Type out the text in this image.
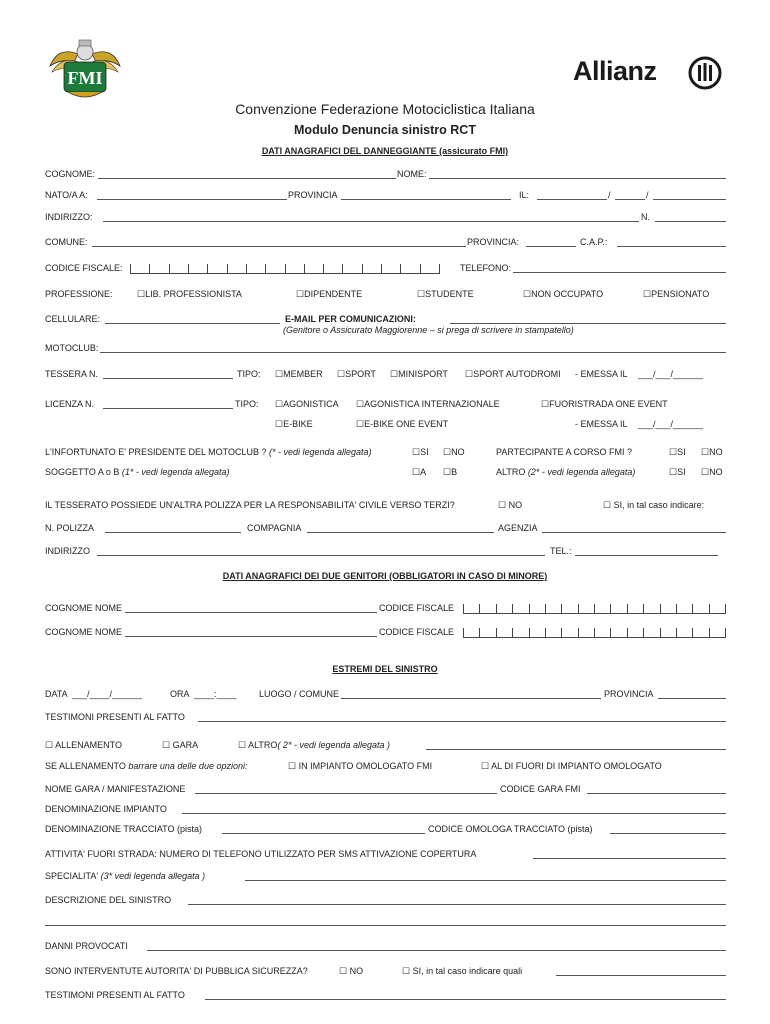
FMI	Allianz
Convenzione Federazione Motociclistica Italiana
Modulo Denuncia sinistro RCT
DATI ANAGRAFICI DEL DANNEGGIANTE (assicurato FMI)
COGNOME:	NOME:
NATO/A A:	PROVINCIA	IL:	/	/
INDIRIZZO:	N.
COMUNE:	PROVINCIA:	C.A.P.:
CODICE FISCALE:	TELEFONO:
PROFESSIONE:	☐LIB. PROFESSIONISTA	☐DIPENDENTE	☐STUDENTE	☐NON OCCUPATO	☐PENSIONATO
CELLULARE:	E-MAIL PER COMUNICAZIONI:
(Genitore o Assicurato Maggiorenne – si prega di scrivere in stampatello)
MOTOCLUB:
TESSERA N.	TIPO: ☐MEMBER ☐SPORT ☐MINISPORT ☐SPORT AUTODROMI - EMESSA IL ___/___/______
LICENZA N.	TIPO: ☐AGONISTICA ☐AGONISTICA INTERNAZIONALE	☐FUORISTRADA ONE EVENT
☐E-BIKE	☐E-BIKE ONE EVENT	- EMESSA IL ___/___/______
L'INFORTUNATO E' PRESIDENTE DEL MOTOCLUB ? (* - vedi legenda allegata)	☐SI ☐NO	PARTECIPANTE A CORSO FMI ?	☐SI ☐NO
SOGGETTO A o B (1* - vedi legenda allegata)	☐A ☐B	ALTRO (2* - vedi legenda allegata)	☐SI ☐NO
IL TESSERATO POSSIEDE UN'ALTRA POLIZZA PER LA RESPONSABILITA' CIVILE VERSO TERZI?	☐ NO	☐ SI, in tal caso indicare:
N. POLIZZA	COMPAGNIA	AGENZIA
INDIRIZZO	TEL.:
DATI ANAGRAFICI DEI DUE GENITORI (OBBLIGATORI IN CASO DI MINORE)
COGNOME NOME	CODICE FISCALE
COGNOME NOME	CODICE FISCALE
ESTREMI DEL SINISTRO
DATA ___/____/______	ORA ____:____ LUOGO / COMUNE	PROVINCIA
TESTIMONI PRESENTI AL FATTO
☐ ALLENAMENTO	☐ GARA	☐ ALTRO( 2* - vedi legenda allegata )
SE ALLENAMENTO barrare una delle due opzioni:	☐ IN IMPIANTO OMOLOGATO FMI	☐ AL DI FUORI DI IMPIANTO OMOLOGATO
NOME GARA / MANIFESTAZIONE	CODICE GARA FMI
DENOMINAZIONE IMPIANTO
DENOMINAZIONE TRACCIATO (pista)	CODICE OMOLOGA TRACCIATO (pista)
ATTIVITA' FUORI STRADA: NUMERO DI TELEFONO UTILIZZATO PER SMS ATTIVAZIONE COPERTURA
SPECIALITA' (3* vedi legenda allegata )
DESCRIZIONE DEL SINISTRO
DANNI PROVOCATI
SONO INTERVENTUTE AUTORITA' DI PUBBLICA SICUREZZA?	☐ NO	☐ SI, in tal caso indicare quali
TESTIMONI PRESENTI AL FATTO
